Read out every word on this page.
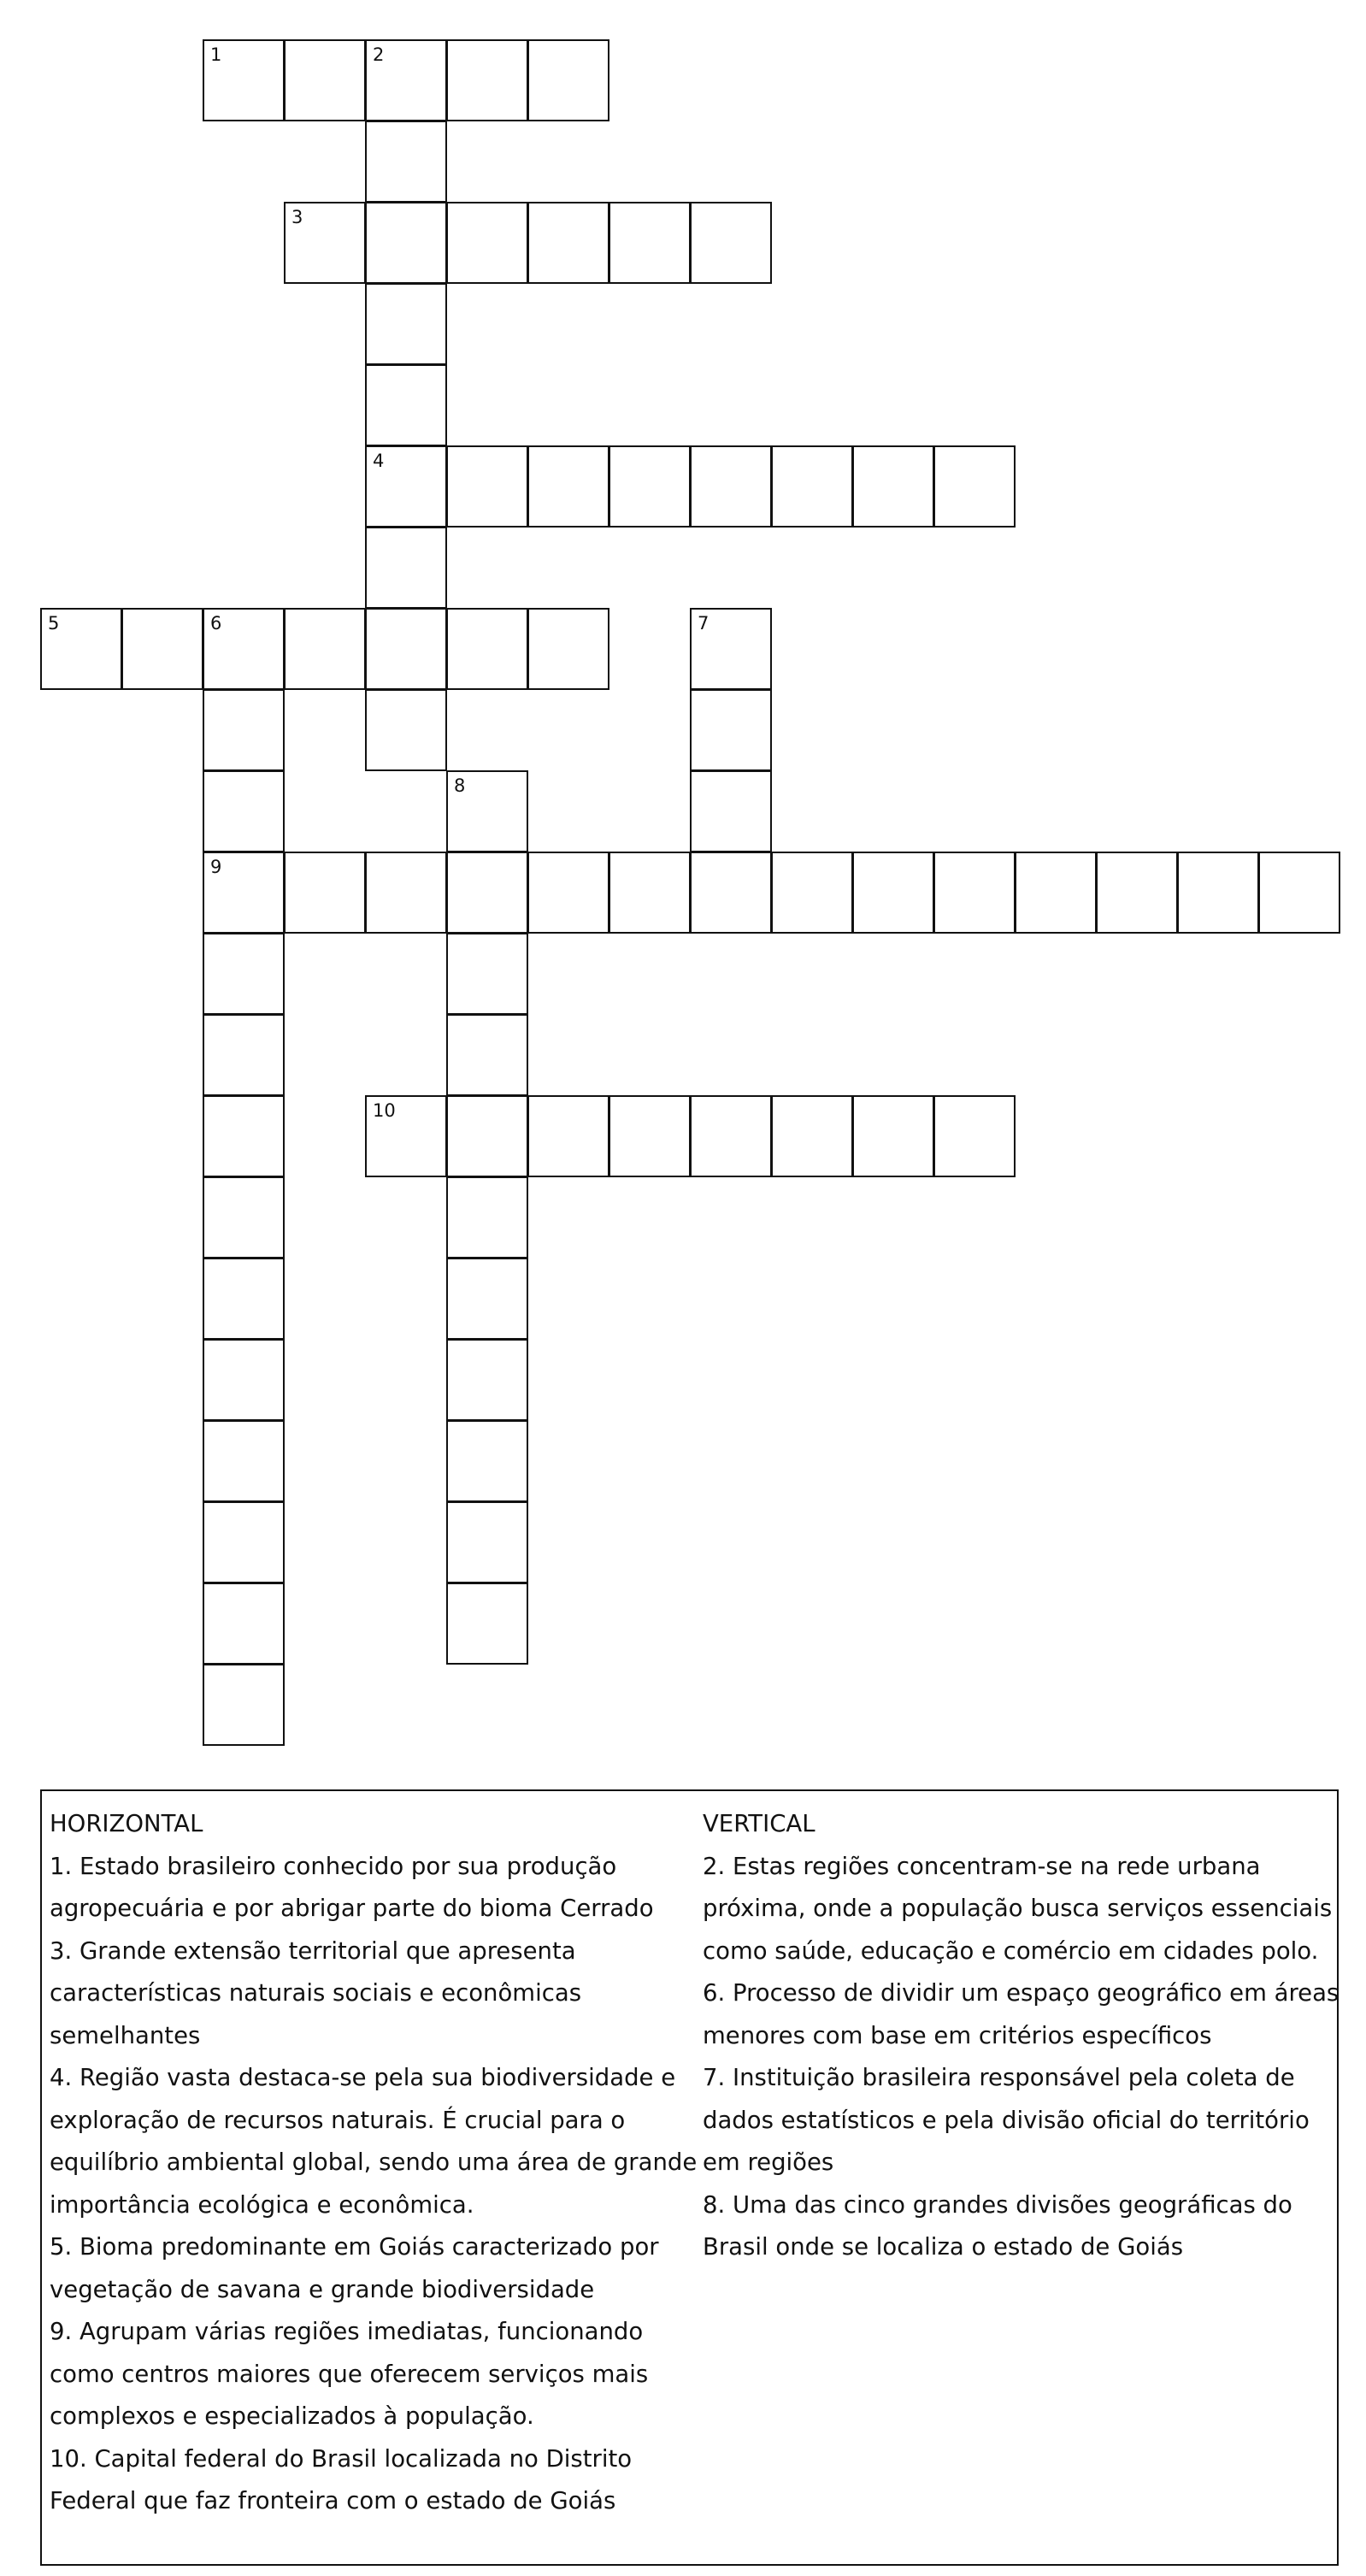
1	2
3
4
5	6	7
8
9
10
HORIZONTAL
1. Estado brasileiro conhecido por sua produção
agropecuária e por abrigar parte do bioma Cerrado
3. Grande extensão territorial que apresenta
características naturais sociais e econômicas
semelhantes
4. Região vasta destaca-se pela sua biodiversidade e
exploração de recursos naturais. É crucial para o
equilíbrio ambiental global, sendo uma área de grande
importância ecológica e econômica.
5. Bioma predominante em Goiás caracterizado por
vegetação de savana e grande biodiversidade
9. Agrupam várias regiões imediatas, funcionando
como centros maiores que oferecem serviços mais
complexos e especializados à população.
10. Capital federal do Brasil localizada no Distrito
Federal que faz fronteira com o estado de Goiás
VERTICAL
2. Estas regiões concentram-se na rede urbana
próxima, onde a população busca serviços essenciais
como saúde, educação e comércio em cidades polo.
6. Processo de dividir um espaço geográfico em áreas
menores com base em critérios específicos
7. Instituição brasileira responsável pela coleta de
dados estatísticos e pela divisão oficial do território
em regiões
8. Uma das cinco grandes divisões geográficas do
Brasil onde se localiza o estado de Goiás
